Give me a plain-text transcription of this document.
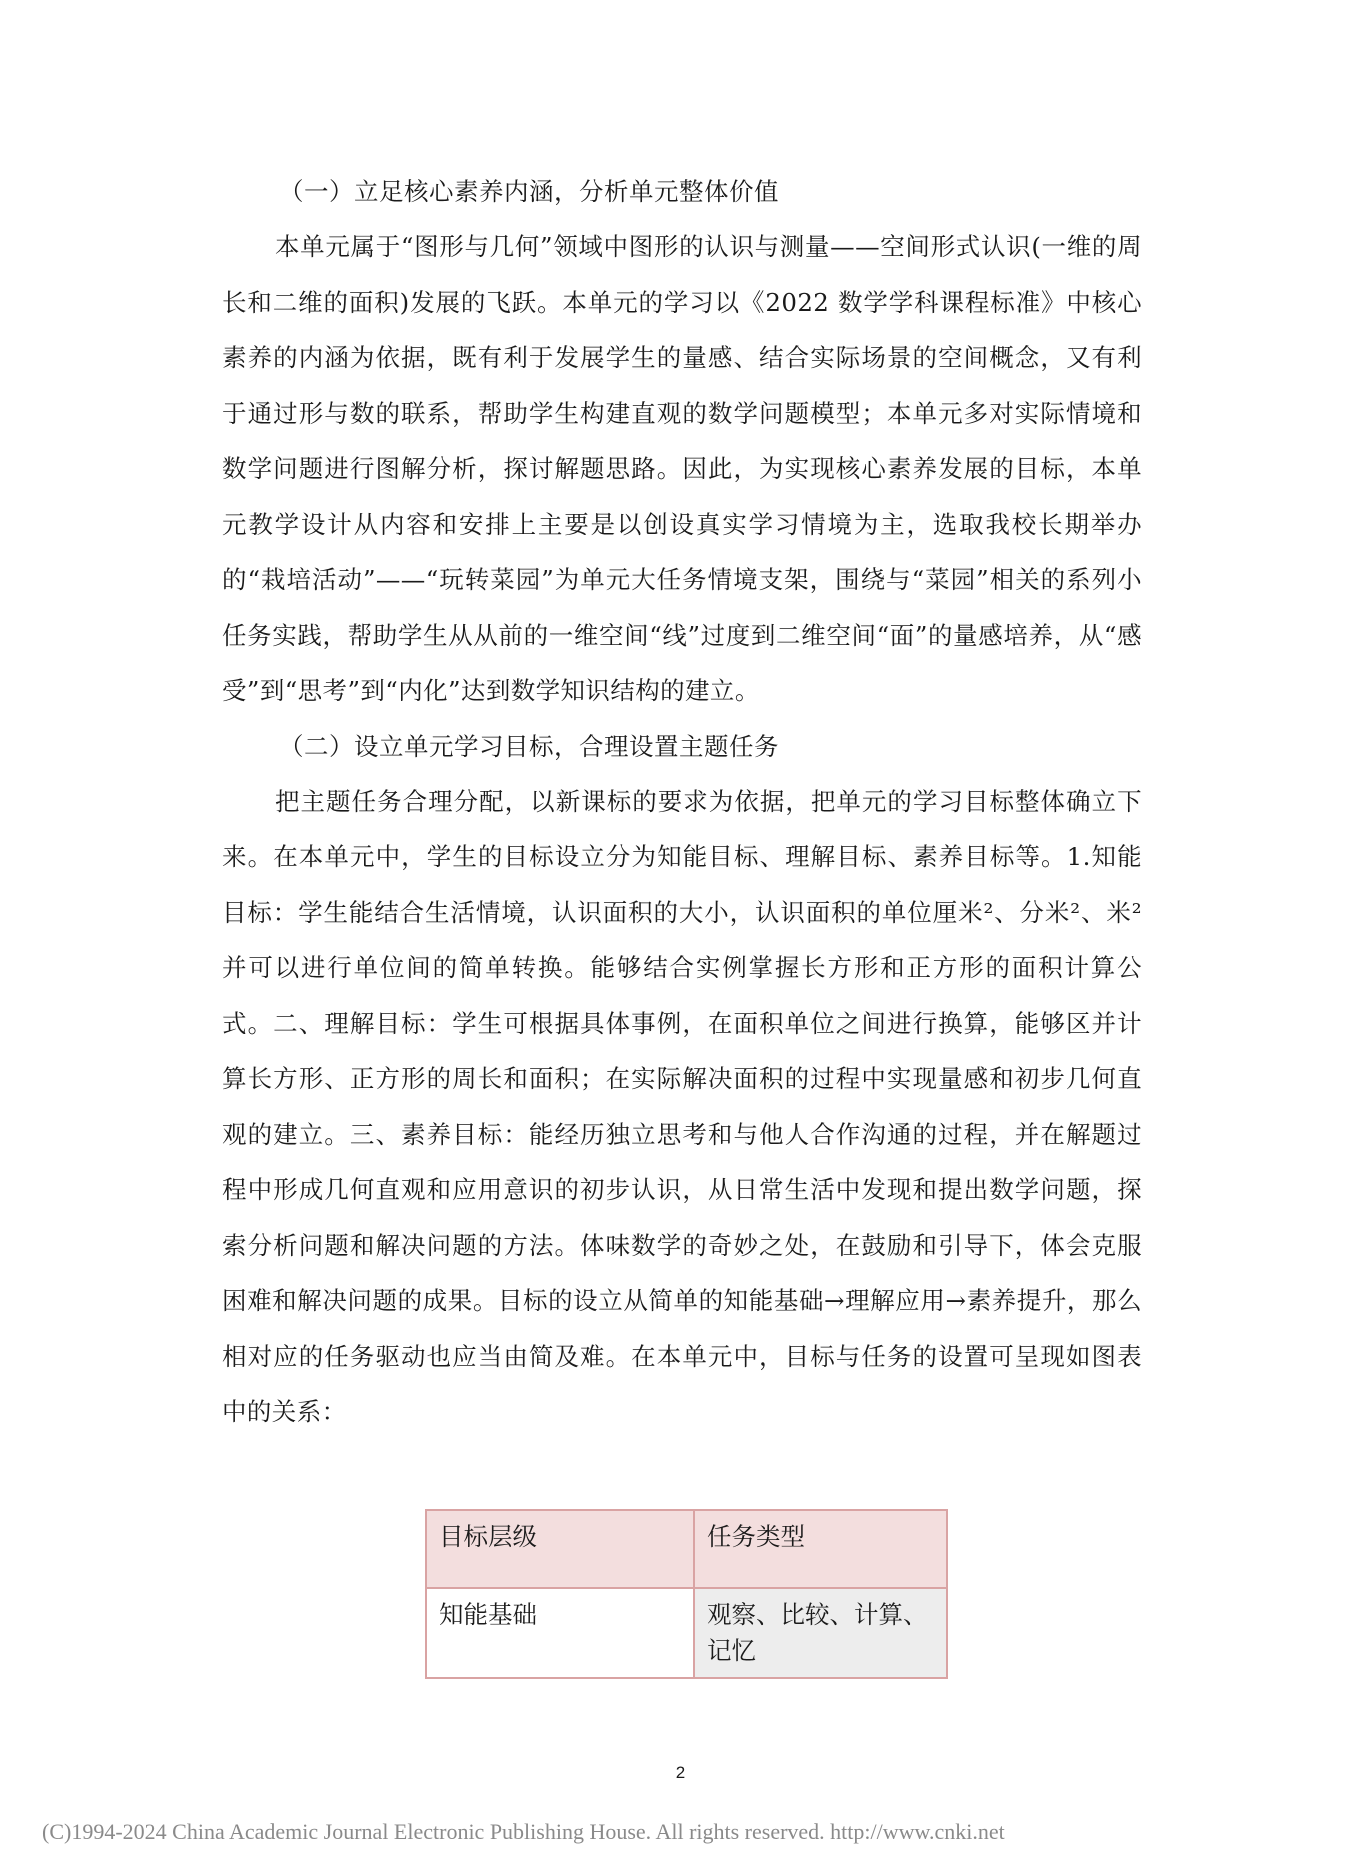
（一）立足核心素养内涵，分析单元整体价值

本单元属于“图形与几何”领域中图形的认识与测量——空间形式认识(一维的周长和二维的面积)发展的飞跃。本单元的学习以《2022 数学学科课程标准》中核心素养的内涵为依据，既有利于发展学生的量感、结合实际场景的空间概念，又有利于通过形与数的联系，帮助学生构建直观的数学问题模型；本单元多对实际情境和数学问题进行图解分析，探讨解题思路。因此，为实现核心素养发展的目标，本单元教学设计从内容和安排上主要是以创设真实学习情境为主，选取我校长期举办的“栽培活动”——“玩转菜园”为单元大任务情境支架，围绕与“菜园”相关的系列小任务实践，帮助学生从从前的一维空间“线”过度到二维空间“面”的量感培养，从“感受”到“思考”到“内化”达到数学知识结构的建立。

（二）设立单元学习目标，合理设置主题任务

把主题任务合理分配，以新课标的要求为依据，把单元的学习目标整体确立下来。在本单元中，学生的目标设立分为知能目标、理解目标、素养目标等。1.知能目标：学生能结合生活情境，认识面积的大小，认识面积的单位厘米²、分米²、米²并可以进行单位间的简单转换。能够结合实例掌握长方形和正方形的面积计算公式。二、理解目标：学生可根据具体事例，在面积单位之间进行换算，能够区并计算长方形、正方形的周长和面积；在实际解决面积的过程中实现量感和初步几何直观的建立。三、素养目标：能经历独立思考和与他人合作沟通的过程，并在解题过程中形成几何直观和应用意识的初步认识，从日常生活中发现和提出数学问题，探索分析问题和解决问题的方法。体味数学的奇妙之处，在鼓励和引导下，体会克服困难和解决问题的成果。目标的设立从简单的知能基础→理解应用→素养提升，那么相对应的任务驱动也应当由简及难。在本单元中，目标与任务的设置可呈现如图表中的关系：

目标层级	任务类型
知能基础	观察、比较、计算、记忆
2
(C)1994-2024 China Academic Journal Electronic Publishing House. All rights reserved. http://www.cnki.net
